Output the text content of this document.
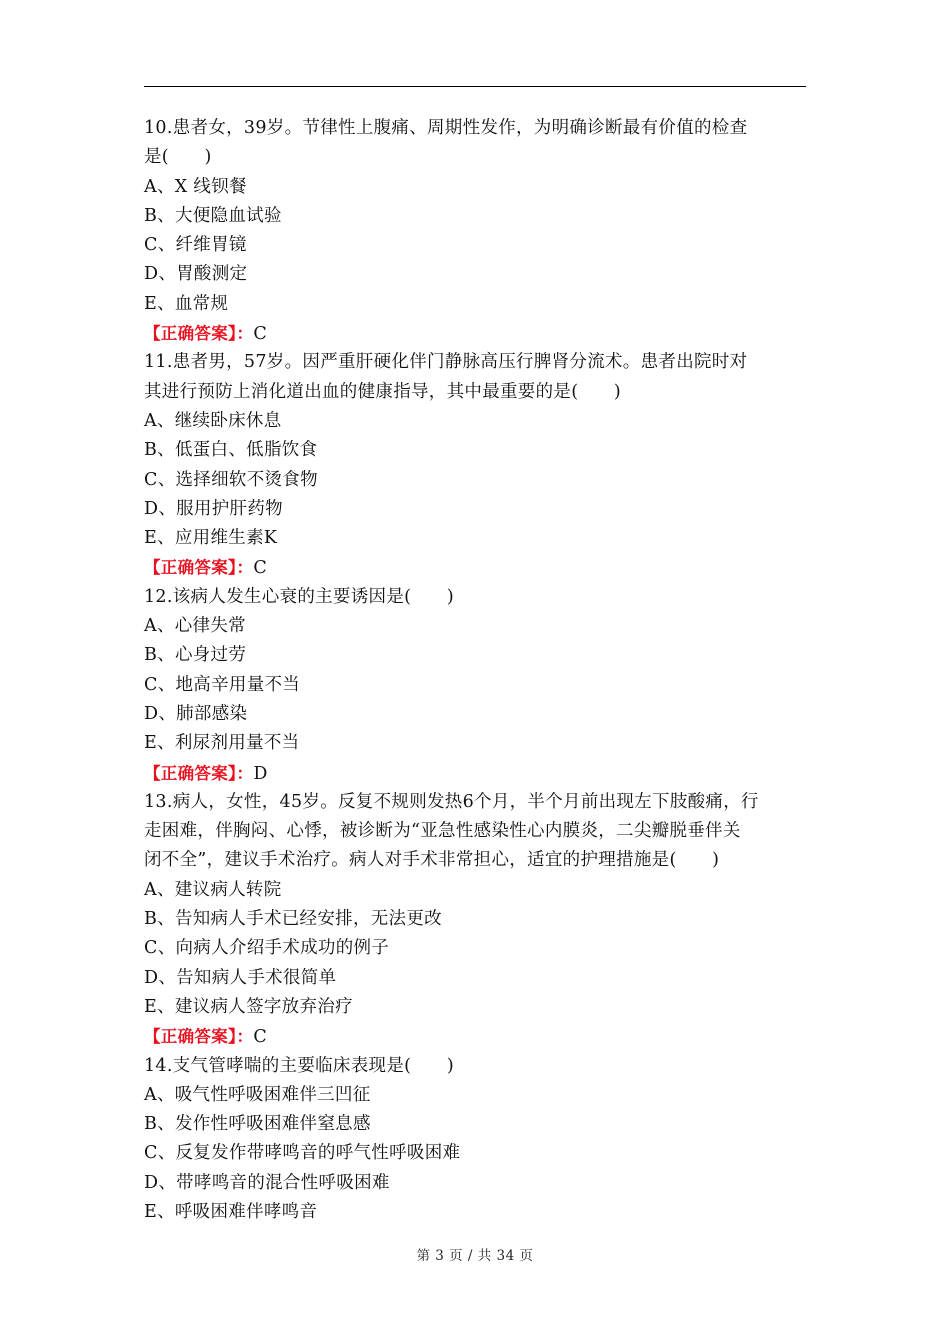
10.患者女，39岁。节律性上腹痛、周期性发作，为明确诊断最有价值的检查
是(　　)
A、X 线钡餐
B、大便隐血试验
C、纤维胃镜
D、胃酸测定
E、血常规
【正确答案】：C
11.患者男，57岁。因严重肝硬化伴门静脉高压行脾肾分流术。患者出院时对
其进行预防上消化道出血的健康指导，其中最重要的是(　　)
A、继续卧床休息
B、低蛋白、低脂饮食
C、选择细软不烫食物
D、服用护肝药物
E、应用维生素K
【正确答案】：C
12.该病人发生心衰的主要诱因是(　　)
A、心律失常
B、心身过劳
C、地高辛用量不当
D、肺部感染
E、利尿剂用量不当
【正确答案】：D
13.病人，女性，45岁。反复不规则发热6个月，半个月前出现左下肢酸痛，行
走困难，伴胸闷、心悸，被诊断为“亚急性感染性心内膜炎，二尖瓣脱垂伴关
闭不全”，建议手术治疗。病人对手术非常担心，适宜的护理措施是(　　)
A、建议病人转院
B、告知病人手术已经安排，无法更改
C、向病人介绍手术成功的例子
D、告知病人手术很简单
E、建议病人签字放弃治疗
【正确答案】：C
14.支气管哮喘的主要临床表现是(　　)
A、吸气性呼吸困难伴三凹征
B、发作性呼吸困难伴窒息感
C、反复发作带哮鸣音的呼气性呼吸困难
D、带哮鸣音的混合性呼吸困难
E、呼吸困难伴哮鸣音
第 3 页 / 共 34 页
